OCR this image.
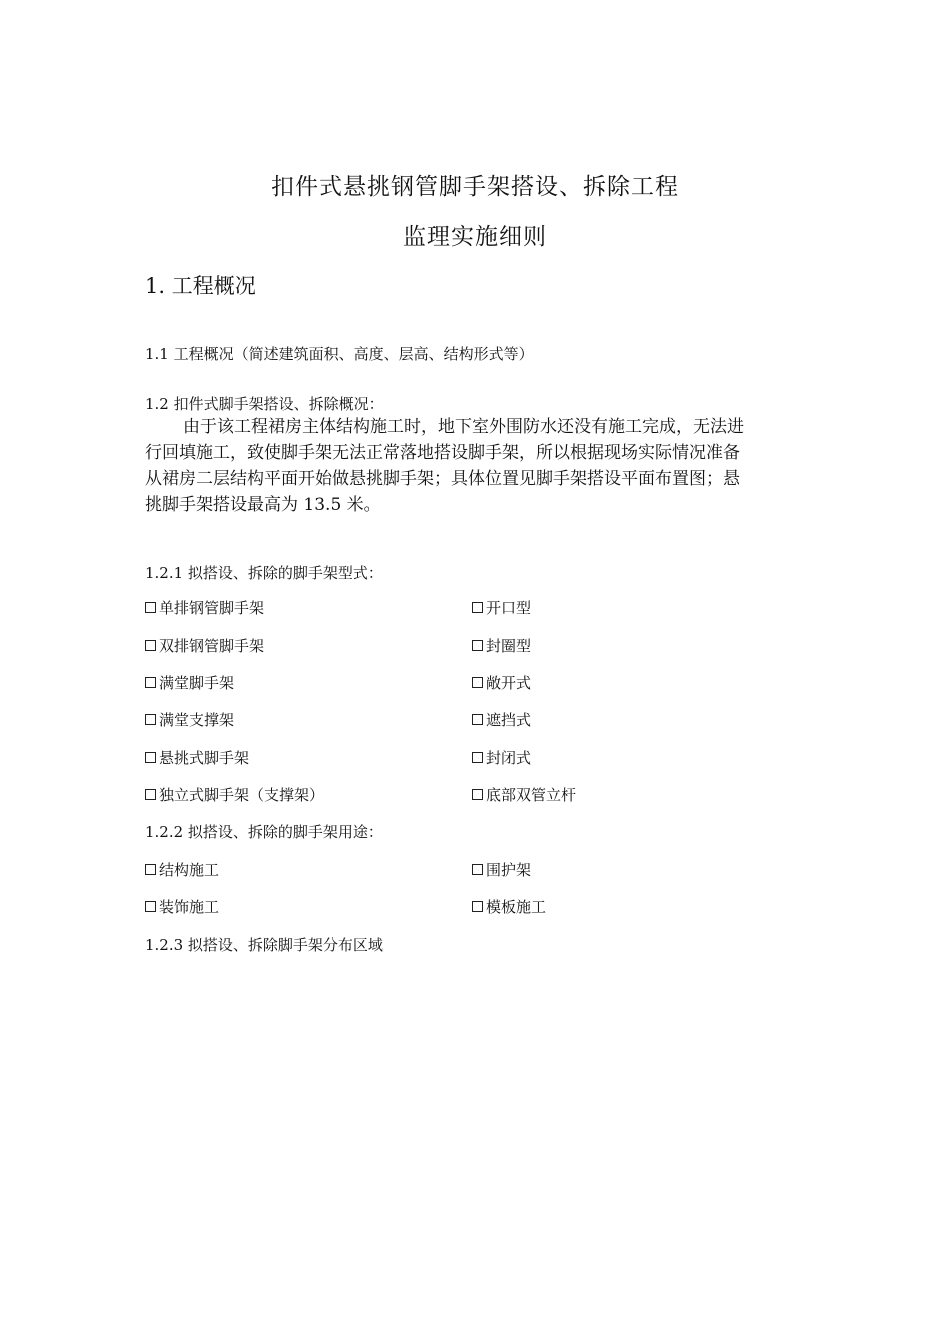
扣件式悬挑钢管脚手架搭设、拆除工程
监理实施细则
1. 工程概况
1.1 工程概况（简述建筑面积、高度、层高、结构形式等）
1.2 扣件式脚手架搭设、拆除概况：
由于该工程裙房主体结构施工时，地下室外围防水还没有施工完成，无法进
行回填施工，致使脚手架无法正常落地搭设脚手架，所以根据现场实际情况准备
从裙房二层结构平面开始做悬挑脚手架；具体位置见脚手架搭设平面布置图；悬
挑脚手架搭设最高为 13.5 米。
1.2.1 拟搭设、拆除的脚手架型式：
单排钢管脚手架	开口型
双排钢管脚手架	封圈型
满堂脚手架	敞开式
满堂支撑架	遮挡式
悬挑式脚手架	封闭式
独立式脚手架（支撑架）	底部双管立杆
1.2.2 拟搭设、拆除的脚手架用途：
结构施工	围护架
装饰施工	模板施工
1.2.3 拟搭设、拆除脚手架分布区域
